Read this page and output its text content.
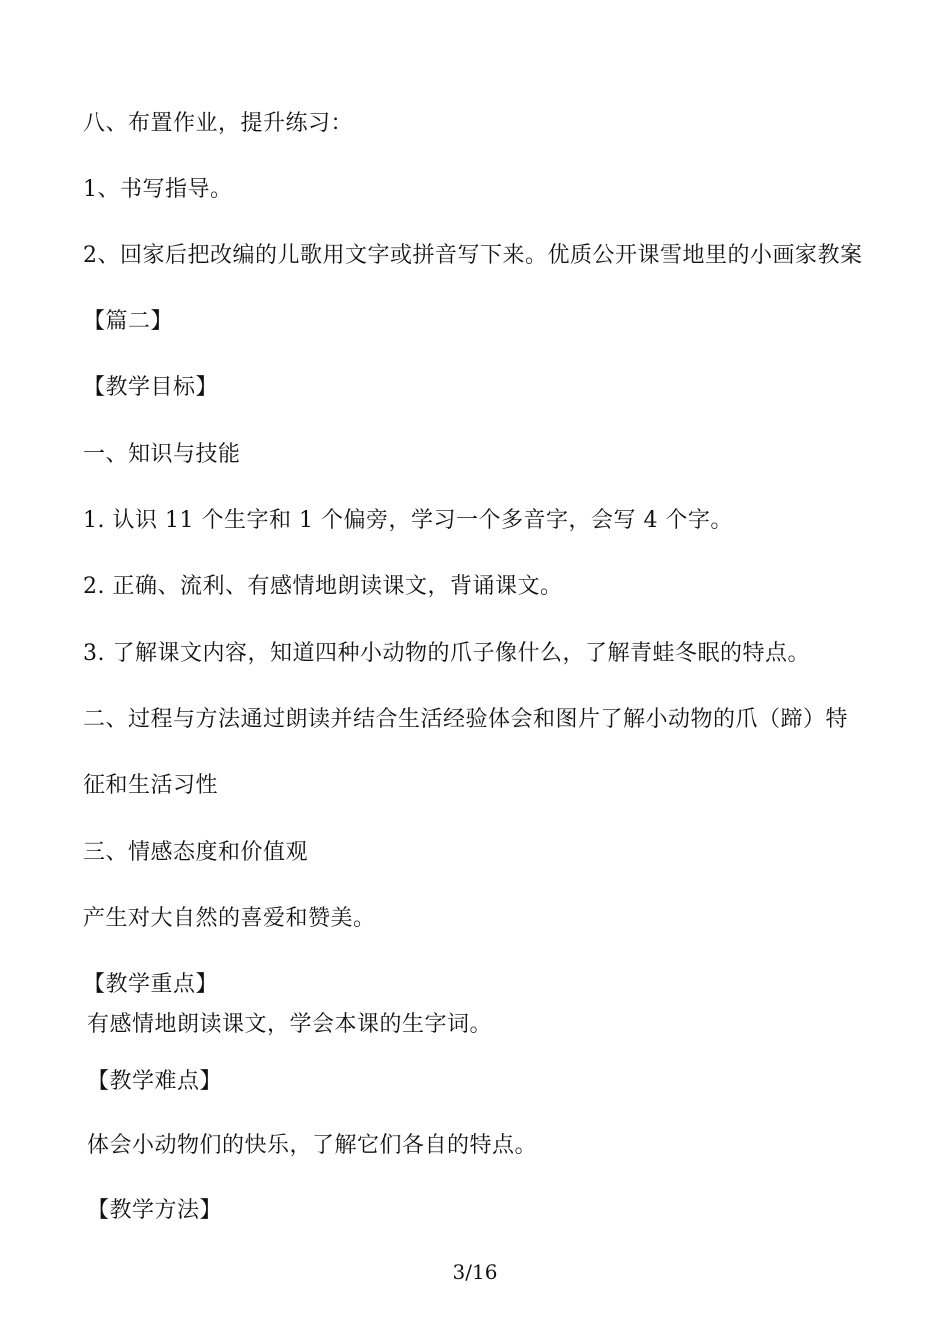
八、布置作业，提升练习：
1、书写指导。
2、回家后把改编的儿歌用文字或拼音写下来。优质公开课雪地里的小画家教案
【篇二】
【教学目标】
一、知识与技能
1. 认识 11 个生字和 1 个偏旁，学习一个多音字，会写 4 个字。
2. 正确、流利、有感情地朗读课文，背诵课文。
3. 了解课文内容，知道四种小动物的爪子像什么，了解青蛙冬眠的特点。
二、过程与方法通过朗读并结合生活经验体会和图片了解小动物的爪（蹄）特
征和生活习性
三、情感态度和价值观
产生对大自然的喜爱和赞美。
【教学重点】
有感情地朗读课文，学会本课的生字词。
【教学难点】
体会小动物们的快乐，了解它们各自的特点。
【教学方法】
3/16
